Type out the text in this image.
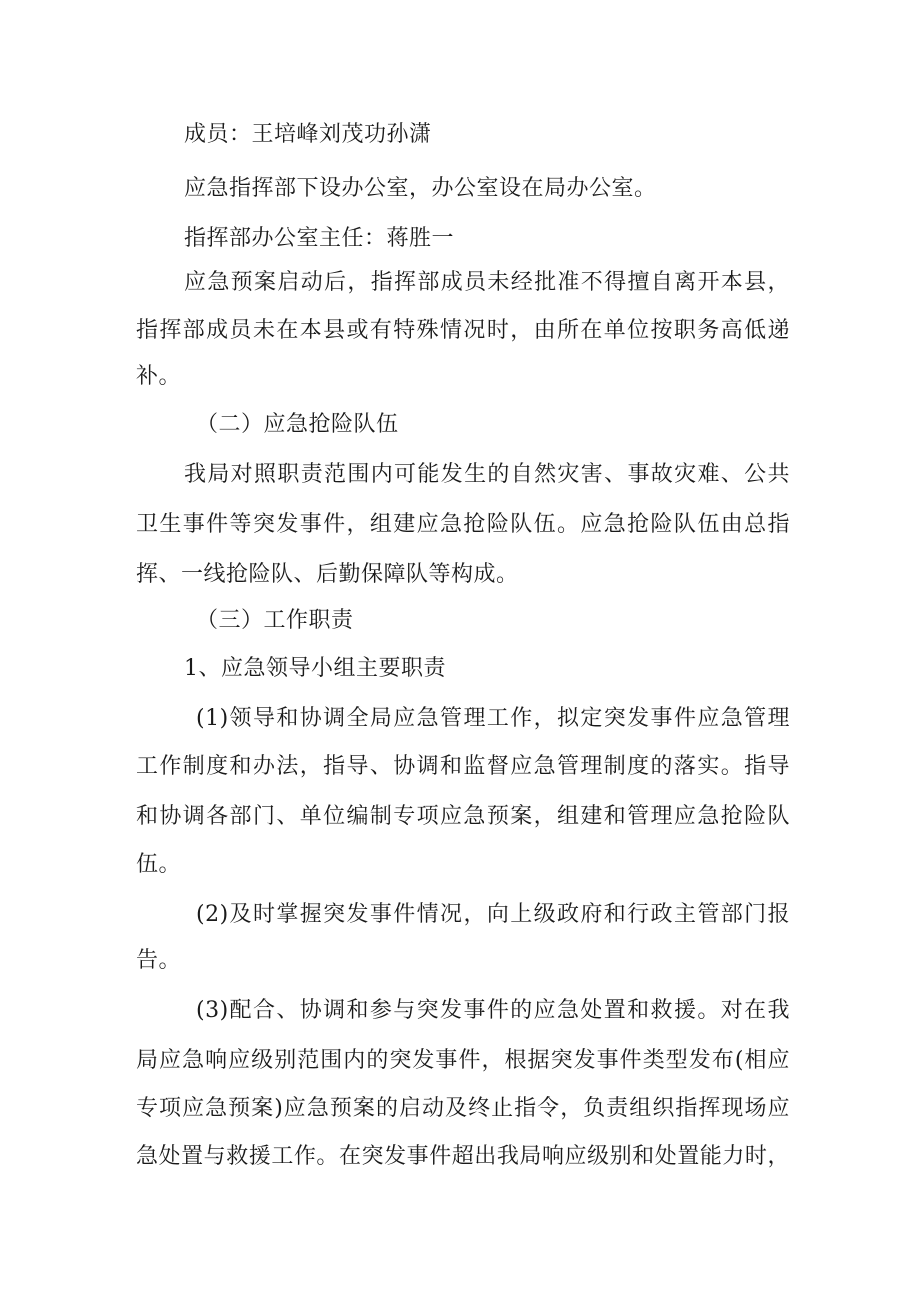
成员：王培峰刘茂功孙潇
应急指挥部下设办公室，办公室设在局办公室。
指挥部办公室主任：蒋胜一
应急预案启动后，指挥部成员未经批准不得擅自离开本县，
指挥部成员未在本县或有特殊情况时，由所在单位按职务高低递
补。
（二）应急抢险队伍
我局对照职责范围内可能发生的自然灾害、事故灾难、公共
卫生事件等突发事件，组建应急抢险队伍。应急抢险队伍由总指
挥、一线抢险队、后勤保障队等构成。
（三）工作职责
1、应急领导小组主要职责
(1)领导和协调全局应急管理工作，拟定突发事件应急管理
工作制度和办法，指导、协调和监督应急管理制度的落实。指导
和协调各部门、单位编制专项应急预案，组建和管理应急抢险队
伍。
(2)及时掌握突发事件情况，向上级政府和行政主管部门报
告。
(3)配合、协调和参与突发事件的应急处置和救援。对在我
局应急响应级别范围内的突发事件，根据突发事件类型发布(相应
专项应急预案)应急预案的启动及终止指令，负责组织指挥现场应
急处置与救援工作。在突发事件超出我局响应级别和处置能力时，
